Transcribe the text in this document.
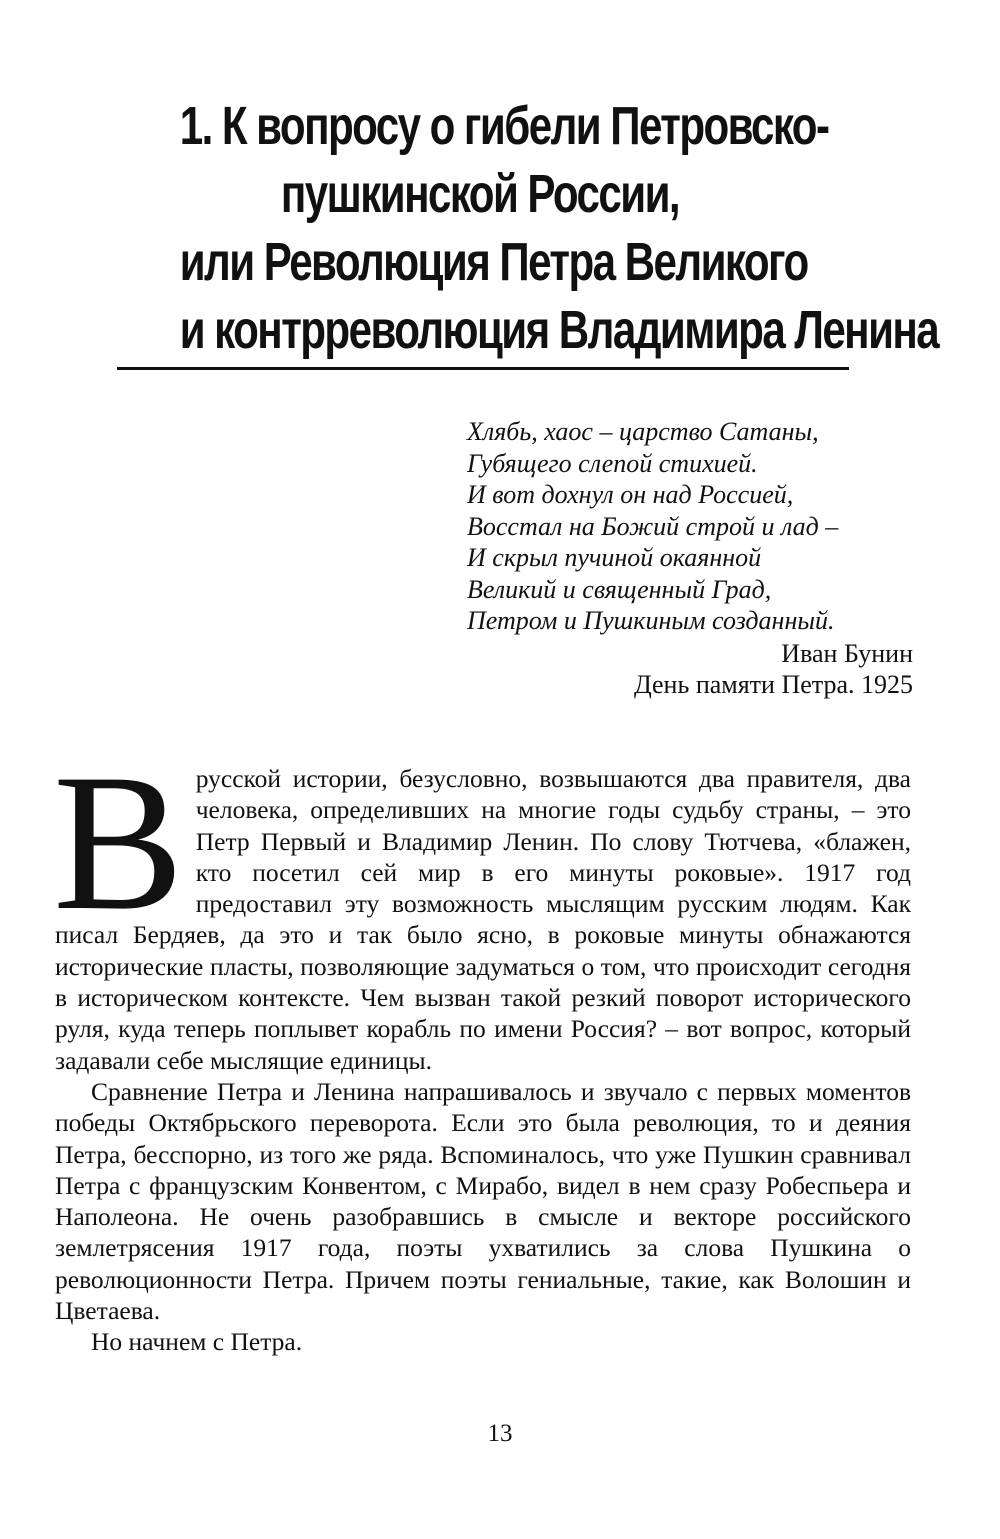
1. К вопросу о гибели Петровско-
пушкинской России,
или Революция Петра Великого
и контрреволюция Владимира Ленина
Хлябь, хаос – царство Сатаны,
Губящего слепой стихией.
И вот дохнул он над Россией,
Восстал на Божий строй и лад –
И скрыл пучиной окаянной
Великий и священный Град,
Петром и Пушкиным созданный.
Иван Бунин
День памяти Петра. 1925

В русской истории, безусловно, возвышаются два правителя, два человека, определивших на многие годы судьбу страны, – это Петр Первый и Владимир Ленин. По слову Тютчева, «блажен, кто посетил сей мир в его минуты роковые». 1917 год предоставил эту возможность мыслящим русским людям. Как писал Бердяев, да это и так было ясно, в роковые минуты обнажаются исторические пласты, позволяющие задуматься о том, что происходит сегодня в историческом контексте. Чем вызван такой резкий поворот исторического руля, куда теперь поплывет корабль по имени Россия? – вот вопрос, который задавали себе мыслящие единицы.

Сравнение Петра и Ленина напрашивалось и звучало с первых моментов победы Октябрьского переворота. Если это была революция, то и деяния Петра, бесспорно, из того же ряда. Вспоминалось, что уже Пушкин сравнивал Петра с французским Конвентом, с Мирабо, видел в нем сразу Робеспьера и Наполеона. Не очень разобравшись в смысле и векторе российского землетрясения 1917 года, поэты ухватились за слова Пушкина о революционности Петра. Причем поэты гениальные, такие, как Волошин и Цветаева.

Но начнем с Петра.

13
